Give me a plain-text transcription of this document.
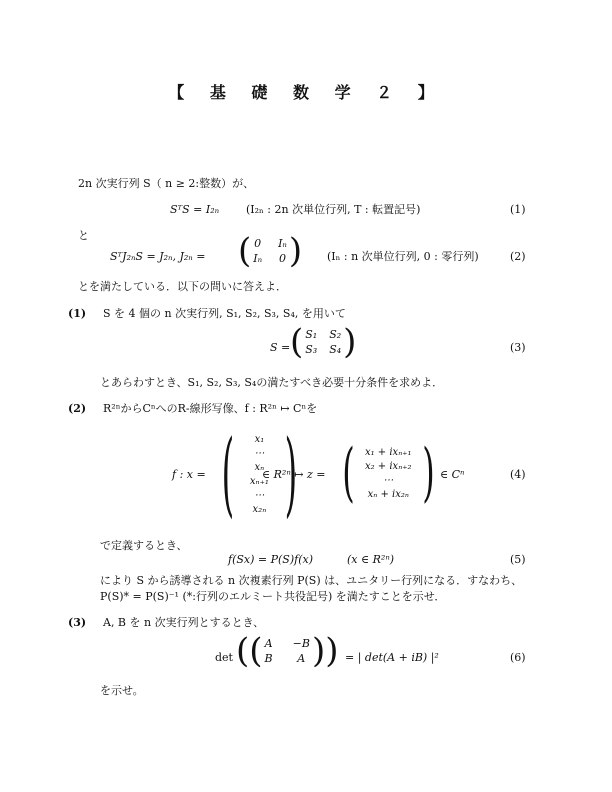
【 基 礎 数 学 ２ 】
2n 次実行列 S（ n ≥ 2:整数）が、
SᵀS = I₂ₙ (I₂ₙ : 2n 次単位行列, T : 転置記号)	(1)
と
SᵀJ₂ₙS = J₂ₙ, J₂ₙ = ( 0 Iₙ
Iₙ 0 ) (Iₙ : n 次単位行列, 0 : 零行列)	(2)
とを満たしている．以下の問いに答えよ．
(1) S を 4 個の n 次実行列, S₁, S₂, S₃, S₄, を用いて
S = ( S₁ S₂
S₃ S₄ )	(3)
とあらわすとき、S₁, S₂, S₃, S₄の満たすべき必要十分条件を求めよ．
(2) R²ⁿからCⁿへのR-線形写像、f : R²ⁿ ↦ Cⁿを
f : x = ( x₁
⋯
xₙ
xₙ₊₁
⋯
x₂ₙ )
∈ R²ⁿ ↦ z = ( x₁ + ixₙ₊₁
x₂ + ixₙ₊₂
⋯
xₙ + ix₂ₙ ) ∈ Cⁿ	(4)
で定義するとき、
f(Sx) = P(S)f(x)	(x ∈ R²ⁿ)	(5)
により S から誘導される n 次複素行列 P(S) は、ユニタリー行列になる．すなわち、
P(S)* = P(S)⁻¹ (*:行列のエルミート共役記号) を満たすことを示せ．
(3) A, B を n 次実行列とするとき、
det (( A −B
B	A )) = | det(A + iB) |²	(6)
を示せ。
